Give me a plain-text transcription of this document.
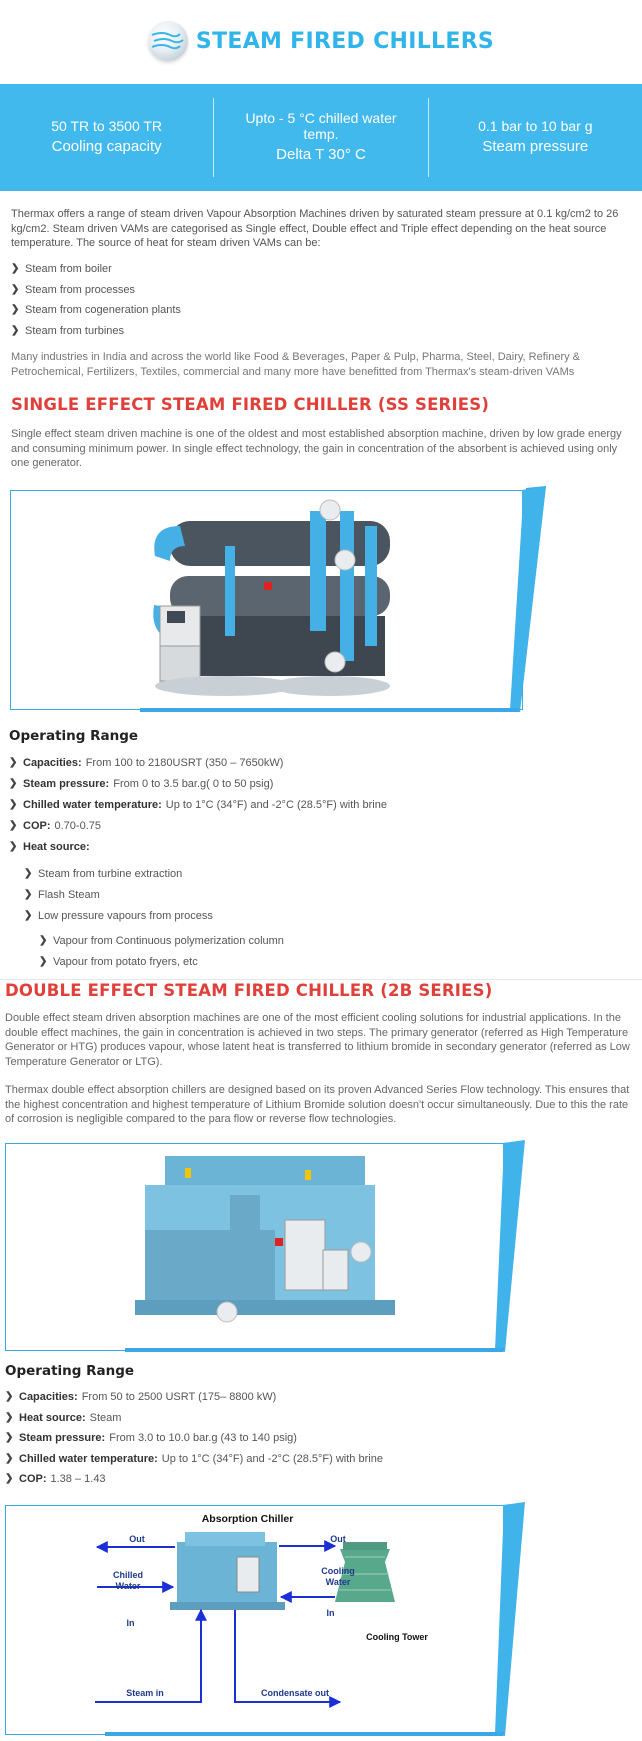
STEAM FIRED CHILLERS
50 TR to 3500 TR
Cooling capacity
Upto - 5 °C chilled water temp.
Delta T 30° C
0.1 bar to 10 bar g
Steam pressure

Thermax offers a range of steam driven Vapour Absorption Machines driven by saturated steam pressure at 0.1 kg/cm2 to 26 kg/cm2. Steam driven VAMs are categorised as Single effect, Double effect and Triple effect depending on the heat source temperature. The source of heat for steam driven VAMs can be:

❯ Steam from boiler
❯ Steam from processes
❯ Steam from cogeneration plants
❯ Steam from turbines

Many industries in India and across the world like Food & Beverages, Paper & Pulp, Pharma, Steel, Dairy, Refinery & Petrochemical, Fertilizers, Textiles, commercial and many more have benefitted from Thermax's steam-driven VAMs

SINGLE EFFECT STEAM FIRED CHILLER (SS SERIES)

Single effect steam driven machine is one of the oldest and most established absorption machine, driven by low grade energy and consuming minimum power. In single effect technology, the gain in concentration of the absorbent is achieved using only one generator.

Operating Range
❯ Capacities: From 100 to 2180USRT (350 – 7650kW)
❯ Steam pressure: From 0 to 3.5 bar.g( 0 to 50 psig)
❯ Chilled water temperature: Up to 1°C (34°F) and -2°C (28.5°F) with brine
❯ COP: 0.70-0.75
❯ Heat source:
❯ Steam from turbine extraction
❯ Flash Steam
❯ Low pressure vapours from process
❯ Vapour from Continuous polymerization column
❯ Vapour from potato fryers, etc
DOUBLE EFFECT STEAM FIRED CHILLER (2B SERIES)

Double effect steam driven absorption machines are one of the most efficient cooling solutions for industrial applications. In the double effect machines, the gain in concentration is achieved in two steps. The primary generator (referred as High Temperature Generator or HTG) produces vapour, whose latent heat is transferred to lithium bromide in secondary generator (referred as Low Temperature Generator or LTG).

Thermax double effect absorption chillers are designed based on its proven Advanced Series Flow technology. This ensures that the highest concentration and highest temperature of Lithium Bromide solution doesn't occur simultaneously. Due to this the rate of corrosion is negligible compared to the para flow or reverse flow technologies.

Operating Range
❯ Capacities: From 50 to 2500 USRT (175– 8800 kW)
❯ Heat source: Steam
❯ Steam pressure: From 3.0 to 10.0 bar.g (43 to 140 psig)
❯ Chilled water temperature: Up to 1°C (34°F) and -2°C (28.5°F) with brine
❯ COP: 1.38 – 1.43
Absorption Chiller
Out
Chilled Water
In
Out
Cooling Water
In
Cooling Tower
Steam in	Condensate out
